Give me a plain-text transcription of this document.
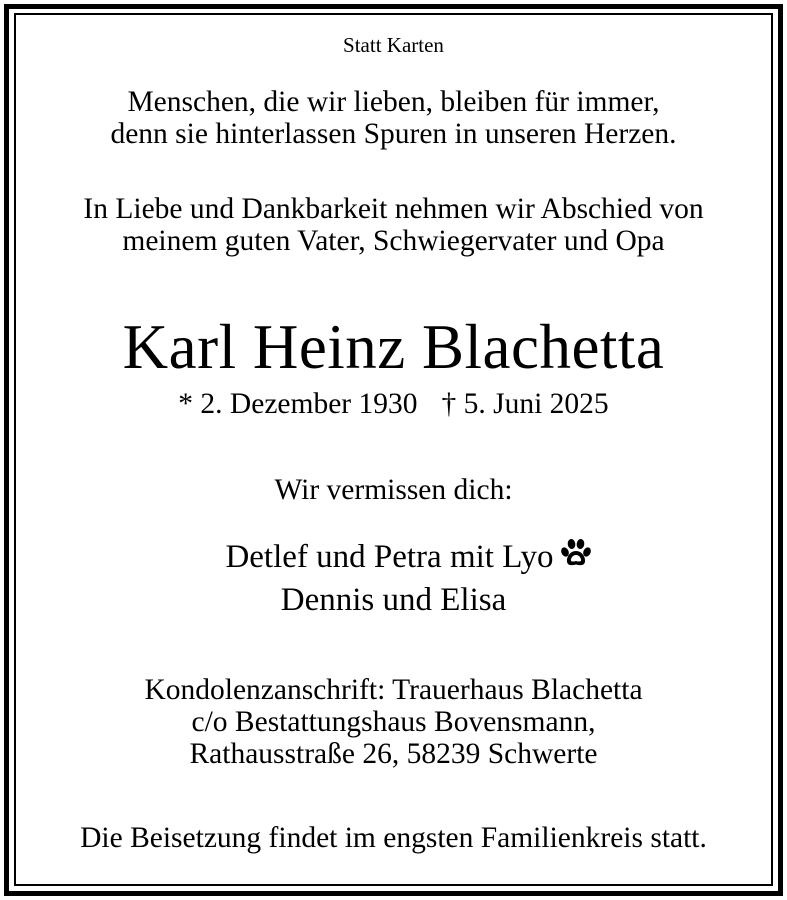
Statt Karten

Menschen, die wir lieben, bleiben für immer,

denn sie hinterlassen Spuren in unseren Herzen.

In Liebe und Dankbarkeit nehmen wir Abschied von

meinem guten Vater, Schwiegervater und Opa

Karl Heinz Blachetta

* 2. Dezember 1930 † 5. Juni 2025

Wir vermissen dich:

Detlef und Petra mit Lyo

Dennis und Elisa

Kondolenzanschrift: Trauerhaus Blachetta

c/o Bestattungshaus Bovensmann,

Rathausstraße 26, 58239 Schwerte

Die Beisetzung findet im engsten Familienkreis statt.
